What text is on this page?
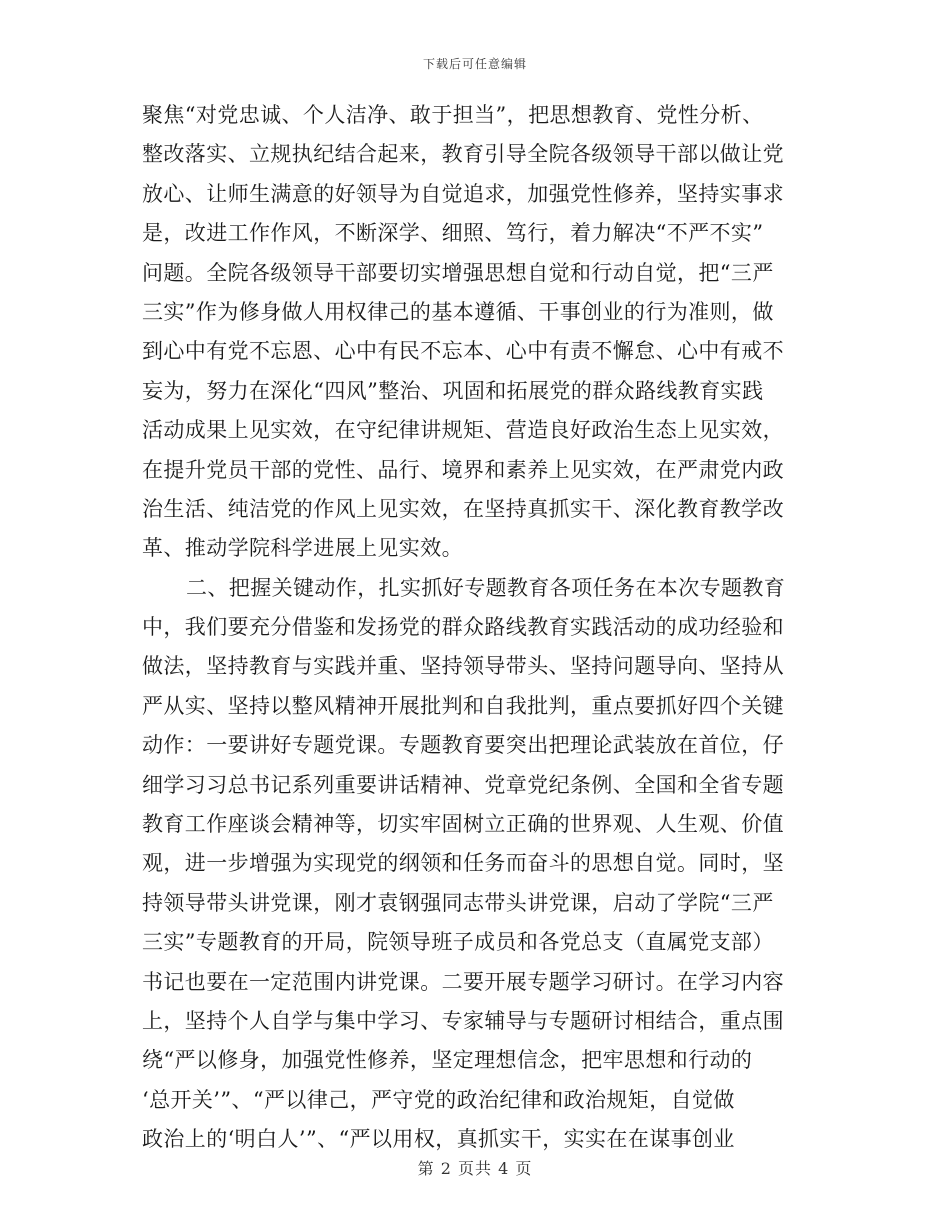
下载后可任意编辑
聚焦“对党忠诚、个人洁净、敢于担当”，把思想教育、党性分析、
整改落实、立规执纪结合起来，教育引导全院各级领导干部以做让党
放心、让师生满意的好领导为自觉追求，加强党性修养，坚持实事求
是，改进工作作风，不断深学、细照、笃行，着力解决“不严不实”
问题。全院各级领导干部要切实增强思想自觉和行动自觉，把“三严
三实”作为修身做人用权律己的基本遵循、干事创业的行为准则，做
到心中有党不忘恩、心中有民不忘本、心中有责不懈怠、心中有戒不
妄为，努力在深化“四风”整治、巩固和拓展党的群众路线教育实践
活动成果上见实效，在守纪律讲规矩、营造良好政治生态上见实效，
在提升党员干部的党性、品行、境界和素养上见实效，在严肃党内政
治生活、纯洁党的作风上见实效，在坚持真抓实干、深化教育教学改
革、推动学院科学进展上见实效。
二、把握关键动作，扎实抓好专题教育各项任务在本次专题教育
中，我们要充分借鉴和发扬党的群众路线教育实践活动的成功经验和
做法，坚持教育与实践并重、坚持领导带头、坚持问题导向、坚持从
严从实、坚持以整风精神开展批判和自我批判，重点要抓好四个关键
动作：一要讲好专题党课。专题教育要突出把理论武装放在首位，仔
细学习习总书记系列重要讲话精神、党章党纪条例、全国和全省专题
教育工作座谈会精神等，切实牢固树立正确的世界观、人生观、价值
观，进一步增强为实现党的纲领和任务而奋斗的思想自觉。同时，坚
持领导带头讲党课，刚才袁钢强同志带头讲党课，启动了学院“三严
三实”专题教育的开局，院领导班子成员和各党总支（直属党支部）
书记也要在一定范围内讲党课。二要开展专题学习研讨。在学习内容
上，坚持个人自学与集中学习、专家辅导与专题研讨相结合，重点围
绕“严以修身，加强党性修养，坚定理想信念，把牢思想和行动的
‘总开关’”、“严以律己，严守党的政治纪律和政治规矩，自觉做
政治上的‘明白人’”、“严以用权，真抓实干，实实在在谋事创业
第 2 页共 4 页
